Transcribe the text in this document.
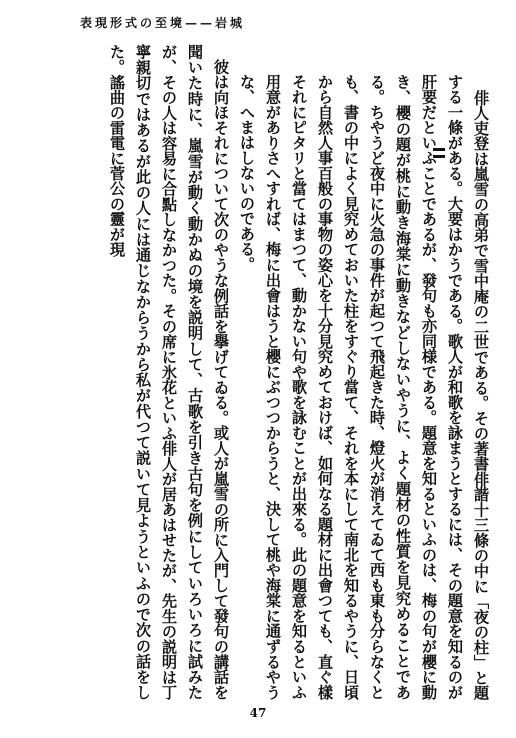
表現形式の至境——岩城

俳人吏登は嵐雪の高弟で雪中庵の二世である。その著書俳諧十三條の中に「夜の柱」と題する一條がある。大要はかうである。歌人が和歌を詠まうとするには、その題意を知るのが肝要だといふことであるが、發句も亦同様である。題意を知るといふのは、梅の句が櫻に動き、櫻の題が桃に動き海棠に動きなどしないやうに、よく題材の性質を見究めることである。ちやうど夜中に火急の事件が起つて飛起きた時、燈火が消えてゐて西も東も分らなくとも、書の中によく見究めておいた柱をすぐり當て、それを本にして南北を知るやうに、日頃から自然人事百般の事物の姿心を十分見究めておけば、如何なる題材に出會つても、直ぐ樣それにピタリと當てはまつて、動かない句や歌を詠むことが出來る。此の題意を知るといふ用意がありさへすれば、梅に出會はうと櫻にぶつつからうと、決して桃や海棠に通ずるやうな、へまはしないのである。

彼は向ほそれについて次のやうな例話を擧げてゐる。或人が嵐雪の所に入門して發句の講話を聞いた時に、嵐雪が動く動かぬの境を説明して、古歌を引き古句を例にしていろいろに試みたが、その人は容易に合點しなかつた。その席に氷花といふ俳人が居あはせたが、先生の説明は丁寧親切ではあるが此の人には通じなからうから私が代つて説いて見ようといふので次の話をした。謠曲の雷電に菅公の靈が現

47
